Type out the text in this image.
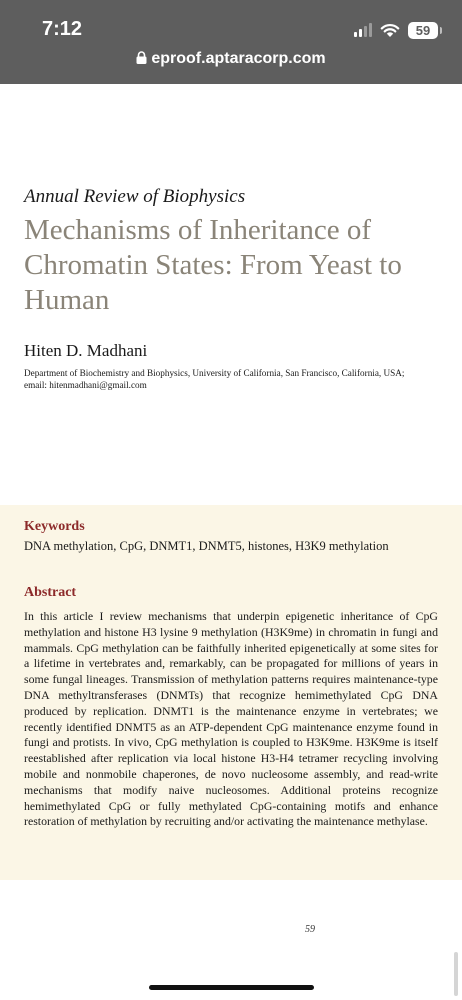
7:12	59
eproof.aptaracorp.com
Annual Review of Biophysics
Mechanisms of Inheritance of Chromatin States: From Yeast to Human
Hiten D. Madhani
Department of Biochemistry and Biophysics, University of California, San Francisco, California, USA; email: hitenmadhani@gmail.com
Keywords
DNA methylation, CpG, DNMT1, DNMT5, histones, H3K9 methylation
Abstract
In this article I review mechanisms that underpin epigenetic inheritance of CpG methylation and histone H3 lysine 9 methylation (H3K9me) in chromatin in fungi and mammals. CpG methylation can be faithfully inherited epigenetically at some sites for a lifetime in vertebrates and, remarkably, can be propagated for millions of years in some fungal lineages. Transmission of methylation patterns requires maintenance-type DNA methyltransferases (DNMTs) that recognize hemimethylated CpG DNA produced by replication. DNMT1 is the maintenance enzyme in vertebrates; we recently identified DNMT5 as an ATP-dependent CpG maintenance enzyme found in fungi and protists. In vivo, CpG methylation is coupled to H3K9me. H3K9me is itself reestablished after replication via local histone H3-H4 tetramer recycling involving mobile and nonmobile chaperones, de novo nucleosome assembly, and read-write mechanisms that modify naive nucleosomes. Additional proteins recognize hemimethylated CpG or fully methylated CpG-containing motifs and enhance restoration of methylation by recruiting and/or activating the maintenance methylase.
59
